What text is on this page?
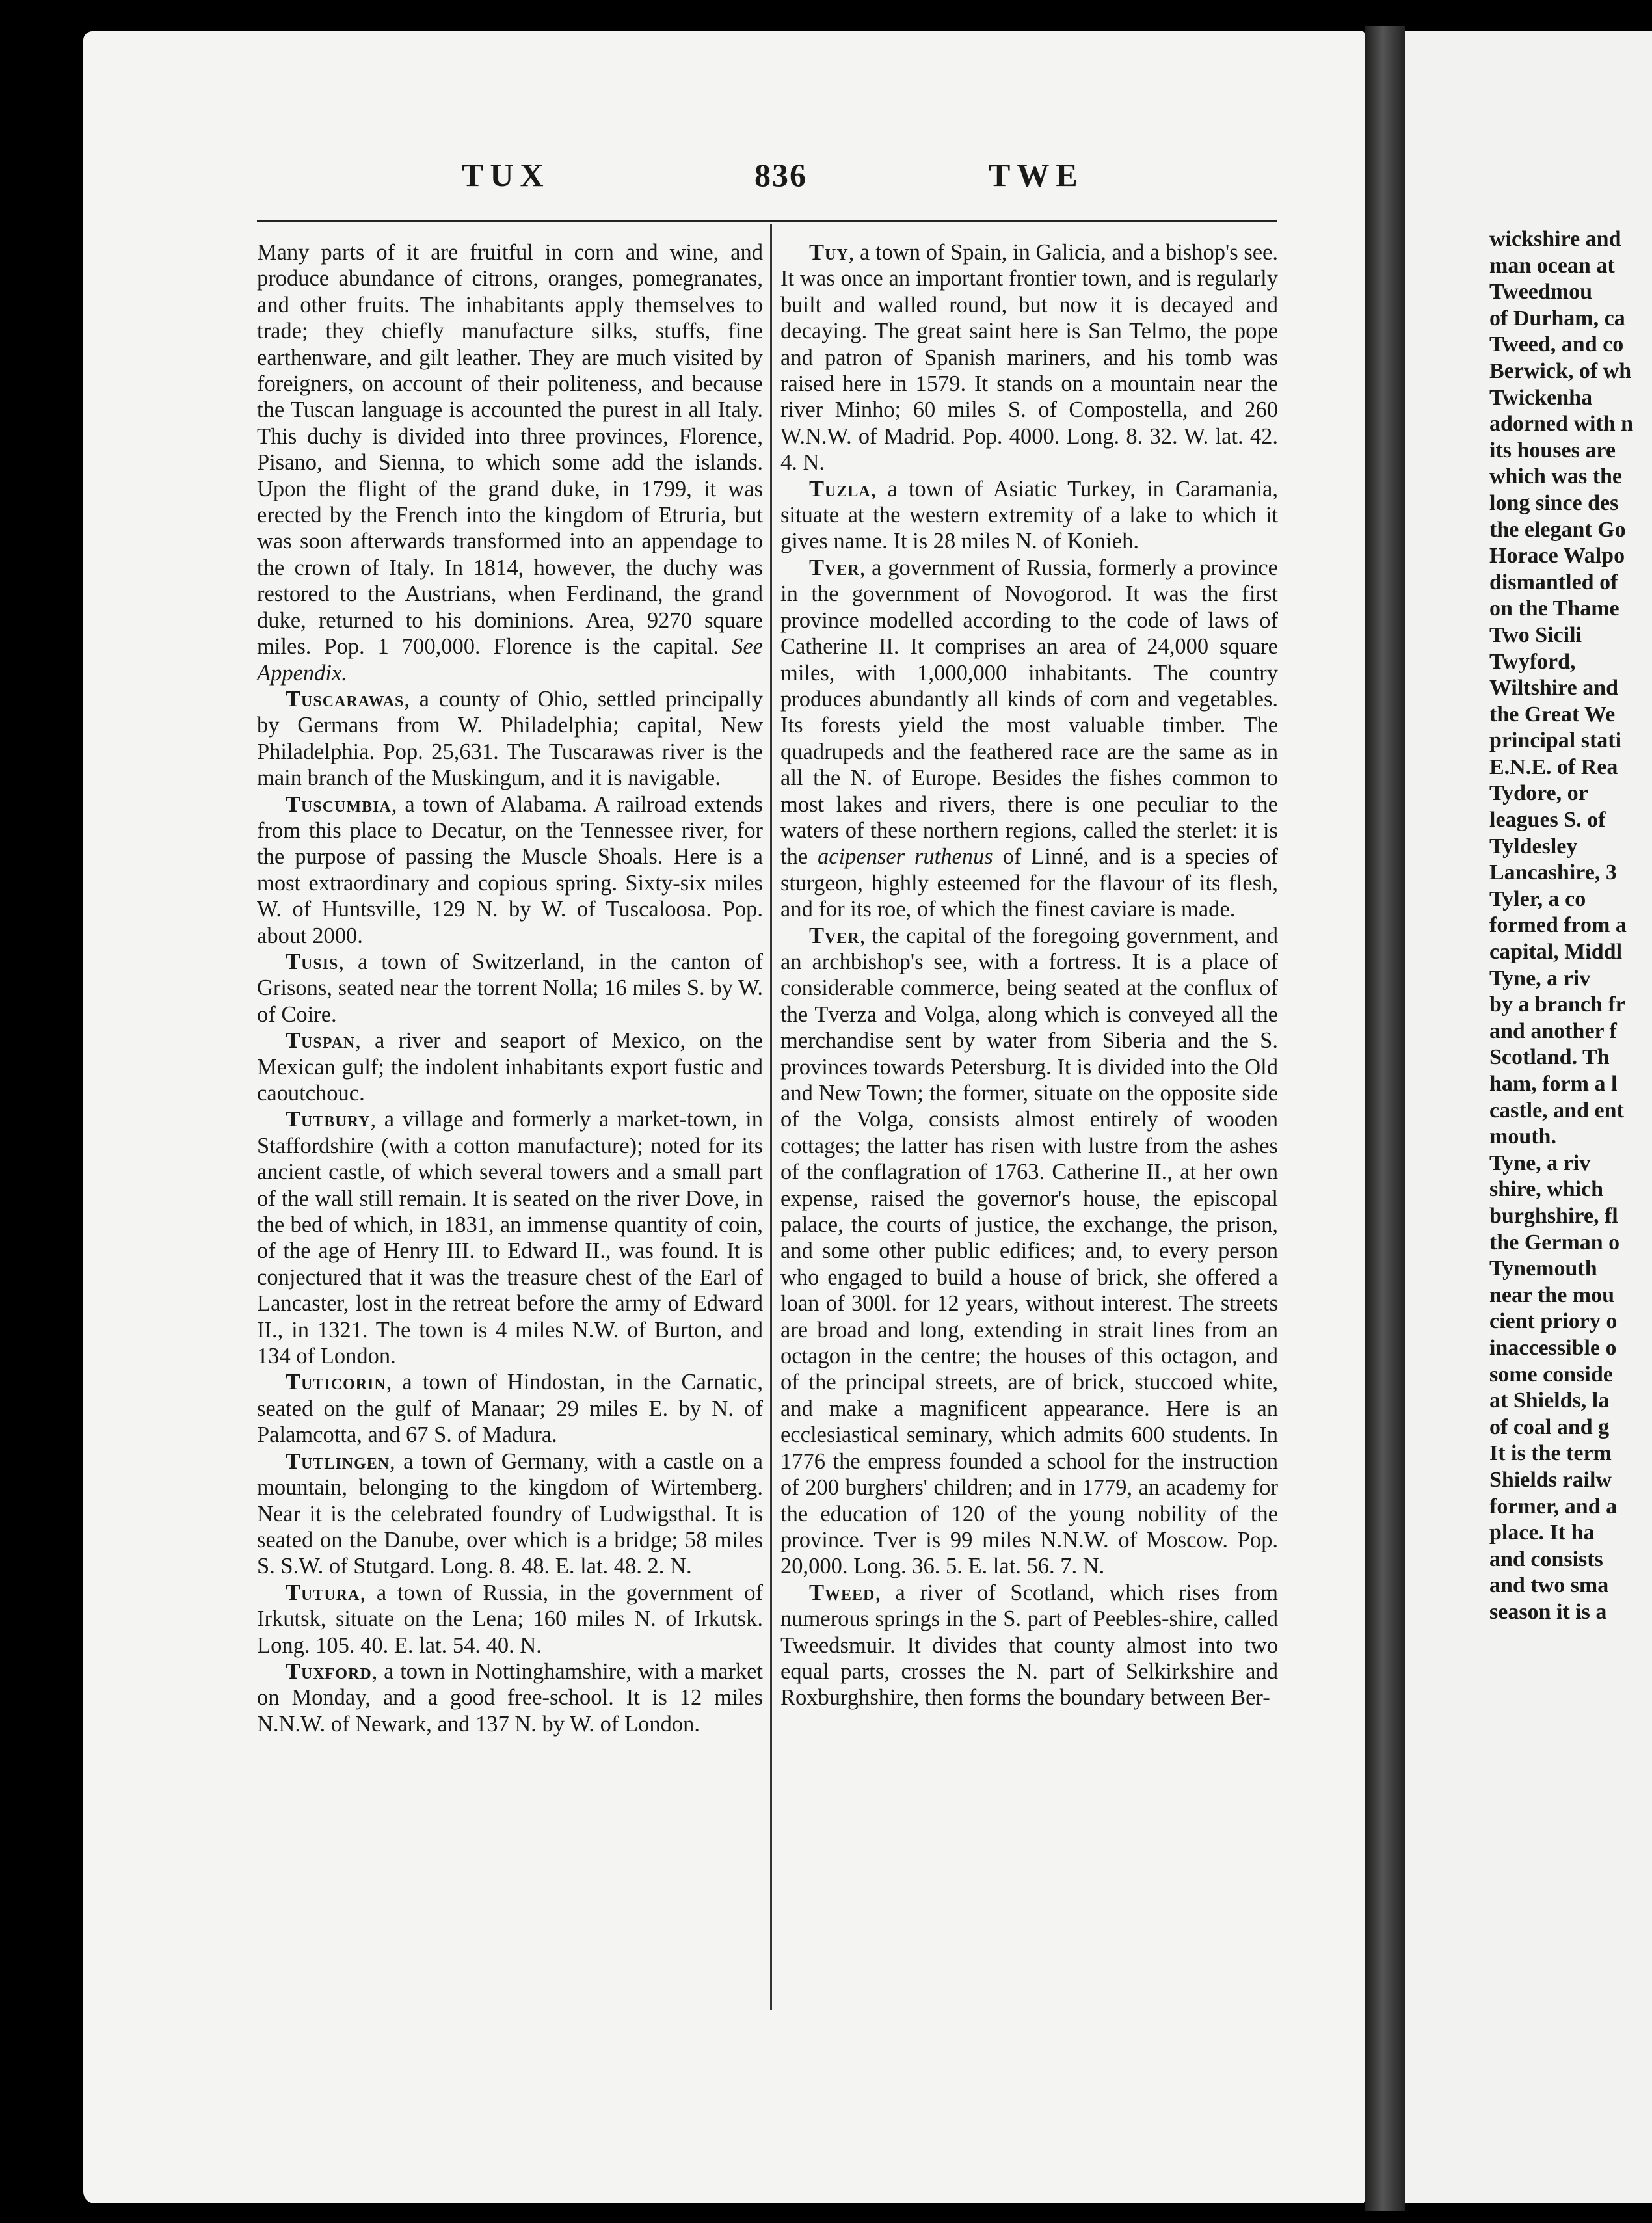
wickshire and

man ocean at

Tweedmou

of Durham, ca

Tweed, and co

Berwick, of wh

Twickenha

adorned with n

its houses are

which was the

long since des

the elegant Go

Horace Walpo

dismantled of

on the Thame

Two Sicili

Twyford,

Wiltshire and

the Great We

principal stati

E.N.E. of Rea

Tydore, or

leagues S. of

Tyldesley

Lancashire, 3

Tyler, a co

formed from a

capital, Middl

Tyne, a riv

by a branch fr

and another f

Scotland. Th

ham, form a l

castle, and ent

mouth.

Tyne, a riv

shire, which

burghshire, fl

the German o

Tynemouth

near the mou

cient priory o

inaccessible o

some conside

at Shields, la

of coal and g

It is the term

Shields railw

former, and a

place. It ha

and consists

and two sma

season it is a

TUX	836	TWE

Many parts of it are fruitful in corn and wine, and produce abundance of citrons, oranges, pomegranates, and other fruits. The inhabitants apply themselves to trade; they chiefly manufacture silks, stuffs, fine earthenware, and gilt leather. They are much visited by foreigners, on account of their politeness, and because the Tuscan language is accounted the purest in all Italy. This duchy is divided into three provinces, Florence, Pisano, and Sienna, to which some add the islands. Upon the flight of the grand duke, in 1799, it was erected by the French into the kingdom of Etruria, but was soon afterwards transformed into an appendage to the crown of Italy. In 1814, however, the duchy was restored to the Austrians, when Ferdinand, the grand duke, returned to his dominions. Area, 9270 square miles. Pop. 1 700,000. Florence is the capital. See Appendix.

Tuscarawas, a county of Ohio, settled principally by Germans from W. Philadelphia; capital, New Philadelphia. Pop. 25,631. The Tuscarawas river is the main branch of the Muskingum, and it is navigable.

Tuscumbia, a town of Alabama. A railroad extends from this place to Decatur, on the Tennessee river, for the purpose of passing the Muscle Shoals. Here is a most extraordinary and copious spring. Sixty-six miles W. of Huntsville, 129 N. by W. of Tuscaloosa. Pop. about 2000.

Tusis, a town of Switzerland, in the canton of Grisons, seated near the torrent Nolla; 16 miles S. by W. of Coire.

Tuspan, a river and seaport of Mexico, on the Mexican gulf; the indolent inhabitants export fustic and caoutchouc.

Tutbury, a village and formerly a market-town, in Staffordshire (with a cotton manufacture); noted for its ancient castle, of which several towers and a small part of the wall still remain. It is seated on the river Dove, in the bed of which, in 1831, an immense quantity of coin, of the age of Henry III. to Edward II., was found. It is conjectured that it was the treasure chest of the Earl of Lancaster, lost in the retreat before the army of Edward II., in 1321. The town is 4 miles N.W. of Burton, and 134 of London.

Tuticorin, a town of Hindostan, in the Carnatic, seated on the gulf of Manaar; 29 miles E. by N. of Palamcotta, and 67 S. of Madura.

Tutlingen, a town of Germany, with a castle on a mountain, belonging to the kingdom of Wirtemberg. Near it is the celebrated foundry of Ludwigsthal. It is seated on the Danube, over which is a bridge; 58 miles S. S.W. of Stutgard. Long. 8. 48. E. lat. 48. 2. N.

Tutura, a town of Russia, in the government of Irkutsk, situate on the Lena; 160 miles N. of Irkutsk. Long. 105. 40. E. lat. 54. 40. N.

Tuxford, a town in Nottinghamshire, with a market on Monday, and a good free-school. It is 12 miles N.N.W. of Newark, and 137 N. by W. of London.

Tuy, a town of Spain, in Galicia, and a bishop's see. It was once an important frontier town, and is regularly built and walled round, but now it is decayed and decaying. The great saint here is San Telmo, the pope and patron of Spanish mariners, and his tomb was raised here in 1579. It stands on a mountain near the river Minho; 60 miles S. of Compostella, and 260 W.N.W. of Madrid. Pop. 4000. Long. 8. 32. W. lat. 42. 4. N.

Tuzla, a town of Asiatic Turkey, in Caramania, situate at the western extremity of a lake to which it gives name. It is 28 miles N. of Konieh.

Tver, a government of Russia, formerly a province in the government of Novogorod. It was the first province modelled according to the code of laws of Catherine II. It comprises an area of 24,000 square miles, with 1,000,000 inhabitants. The country produces abundantly all kinds of corn and vegetables. Its forests yield the most valuable timber. The quadrupeds and the feathered race are the same as in all the N. of Europe. Besides the fishes common to most lakes and rivers, there is one peculiar to the waters of these northern regions, called the sterlet: it is the acipenser ruthenus of Linné, and is a species of sturgeon, highly esteemed for the flavour of its flesh, and for its roe, of which the finest caviare is made.

Tver, the capital of the foregoing government, and an archbishop's see, with a fortress. It is a place of considerable commerce, being seated at the conflux of the Tverza and Volga, along which is conveyed all the merchandise sent by water from Siberia and the S. provinces towards Petersburg. It is divided into the Old and New Town; the former, situate on the opposite side of the Volga, consists almost entirely of wooden cottages; the latter has risen with lustre from the ashes of the conflagration of 1763. Catherine II., at her own expense, raised the governor's house, the episcopal palace, the courts of justice, the exchange, the prison, and some other public edifices; and, to every person who engaged to build a house of brick, she offered a loan of 300l. for 12 years, without interest. The streets are broad and long, extending in strait lines from an octagon in the centre; the houses of this octagon, and of the principal streets, are of brick, stuccoed white, and make a magnificent appearance. Here is an ecclesiastical seminary, which admits 600 students. In 1776 the empress founded a school for the instruction of 200 burghers' children; and in 1779, an academy for the education of 120 of the young nobility of the province. Tver is 99 miles N.N.W. of Moscow. Pop. 20,000. Long. 36. 5. E. lat. 56. 7. N.

Tweed, a river of Scotland, which rises from numerous springs in the S. part of Peebles-shire, called Tweedsmuir. It divides that county almost into two equal parts, crosses the N. part of Selkirkshire and Roxburghshire, then forms the boundary between Ber-
